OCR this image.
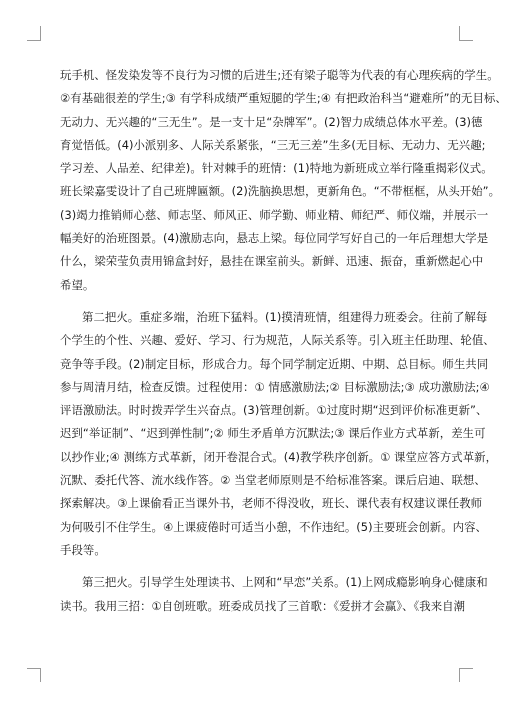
玩手机、怪发染发等不良行为习惯的后进生;还有梁子聪等为代表的有心理疾病的学生。
②有基础很差的学生;③ 有学科成绩严重短腿的学生;④ 有把政治科当“避难所”的无目标、
无动力、无兴趣的“三无生”。是一支十足“杂牌军”。(2)智力成绩总体水平差。(3)德
育觉悟低。(4)小派别多、人际关系紧张，“三无三差”生多(无目标、无动力、无兴趣;
学习差、人品差、纪律差)。针对棘手的班情：(1)特地为新班成立举行隆重揭彩仪式。
班长梁嘉雯设计了自己班牌匾额。(2)洗脑换思想，更新角色。“不带框框，从头开始”。
(3)竭力推销师心慈、师志坚、师风正、师学勤、师业精、师纪严、师仪端，并展示一
幅美好的治班图景。(4)激励志向，悬志上梁。每位同学写好自己的一年后理想大学是
什么，梁荣莹负责用锦盒封好，悬挂在课室前头。新鲜、迅速、振奋，重新燃起心中
希望。
第二把火。重症多端，治班下猛料。(1)摸清班情，组建得力班委会。往前了解每
个学生的个性、兴趣、爱好、学习、行为规范，人际关系等。引入班主任助理、轮值、
竞争等手段。(2)制定目标，形成合力。每个同学制定近期、中期、总目标。师生共同
参与周清月结，检查反馈。过程使用：① 情感激励法;② 目标激励法;③ 成功激励法;④
评语激励法。时时拨弄学生兴奋点。(3)管理创新。①过度时期“迟到评价标准更新”、
迟到“举证制”、“迟到弹性制”;② 师生矛盾单方沉默法;③ 课后作业方式革新，差生可
以抄作业;④ 测练方式革新，闭开卷混合式。(4)教学秩序创新。① 课堂应答方式革新，
沉默、委托代答、流水线作答。② 当堂老师原则是不给标准答案。课后启迪、联想、
探索解决。③上课偷看正当课外书，老师不得没收，班长、课代表有权建议课任教师
为何吸引不住学生。④上课疲倦时可适当小憩，不作违纪。(5)主要班会创新。内容、
手段等。
第三把火。引导学生处理读书、上网和“早恋”关系。(1)上网成瘾影响身心健康和
读书。我用三招：①自创班歌。班委成员找了三首歌：《爱拼才会赢》、《我来自潮
